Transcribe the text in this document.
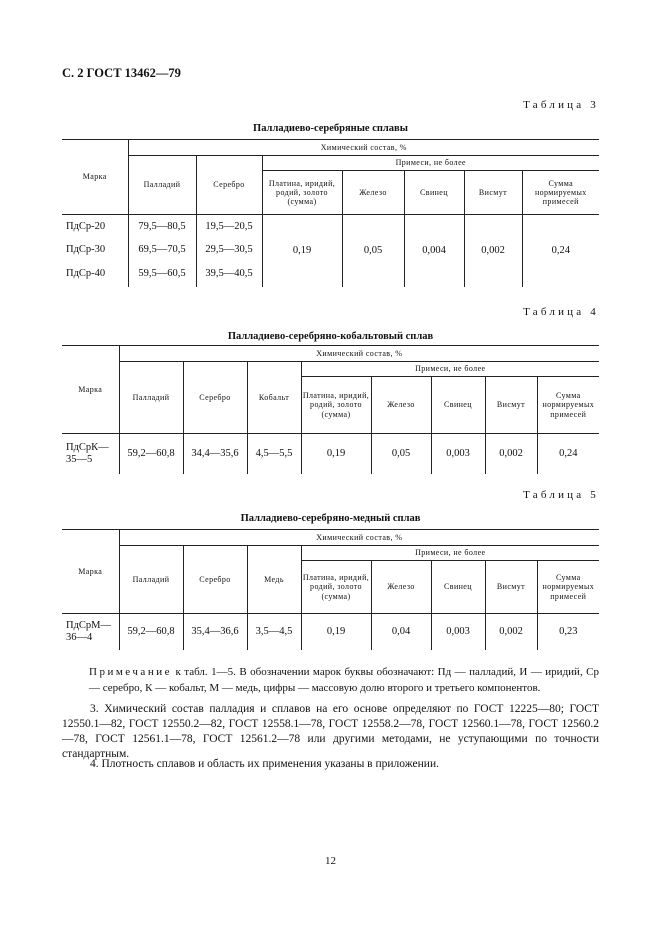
С. 2 ГОСТ 13462—79
Таблица 3
Палладиево-серебряные сплавы
Марка	Химический состав, %						
	Палладий	Серебро	Примеси, не более				
			Платина, иридий, родий, золото (сумма)	Железо	Свинец	Висмут	Сумма нормируемых примесей
ПдСр-20	79,5—80,5	19,5—20,5	0,19	0,05	0,004	0,002	0,24
ПдСр-30	69,5—70,5	29,5—30,5					
ПдСр-40	59,5—60,5	39,5—40,5					
Таблица 4
Палладиево-серебряно-кобальтовый сплав
Марка	Химический состав, %							
	Палладий	Серебро	Кобальт	Примеси, не более				
				Платина, иридий, родий, золото (сумма)	Железо	Свинец	Висмут	Сумма нормируемых примесей
ПдСрК—35—5	59,2—60,8	34,4—35,6	4,5—5,5	0,19	0,05	0,003	0,002	0,24
Таблица 5
Палладиево-серебряно-медный сплав
Марка	Химический состав, %							
	Палладий	Серебро	Медь	Примеси, не более				
				Платина, иридий, родий, золото (сумма)	Железо	Свинец	Висмут	Сумма нормируемых примесей
ПдСрМ—36—4	59,2—60,8	35,4—36,6	3,5—4,5	0,19	0,04	0,003	0,002	0,23
Примечание к табл. 1—5. В обозначении марок буквы обозначают: Пд — палладий, И — иридий, Ср — серебро, К — кобальт, М — медь, цифры — массовую долю второго и третьего компонентов.
3. Химический состав палладия и сплавов на его основе определяют по ГОСТ 12225—80; ГОСТ 12550.1—82, ГОСТ 12550.2—82, ГОСТ 12558.1—78, ГОСТ 12558.2—78, ГОСТ 12560.1—78, ГОСТ 12560.2—78, ГОСТ 12561.1—78, ГОСТ 12561.2—78 или другими методами, не уступающими по точности стандартным.
4. Плотность сплавов и область их применения указаны в приложении.
12
